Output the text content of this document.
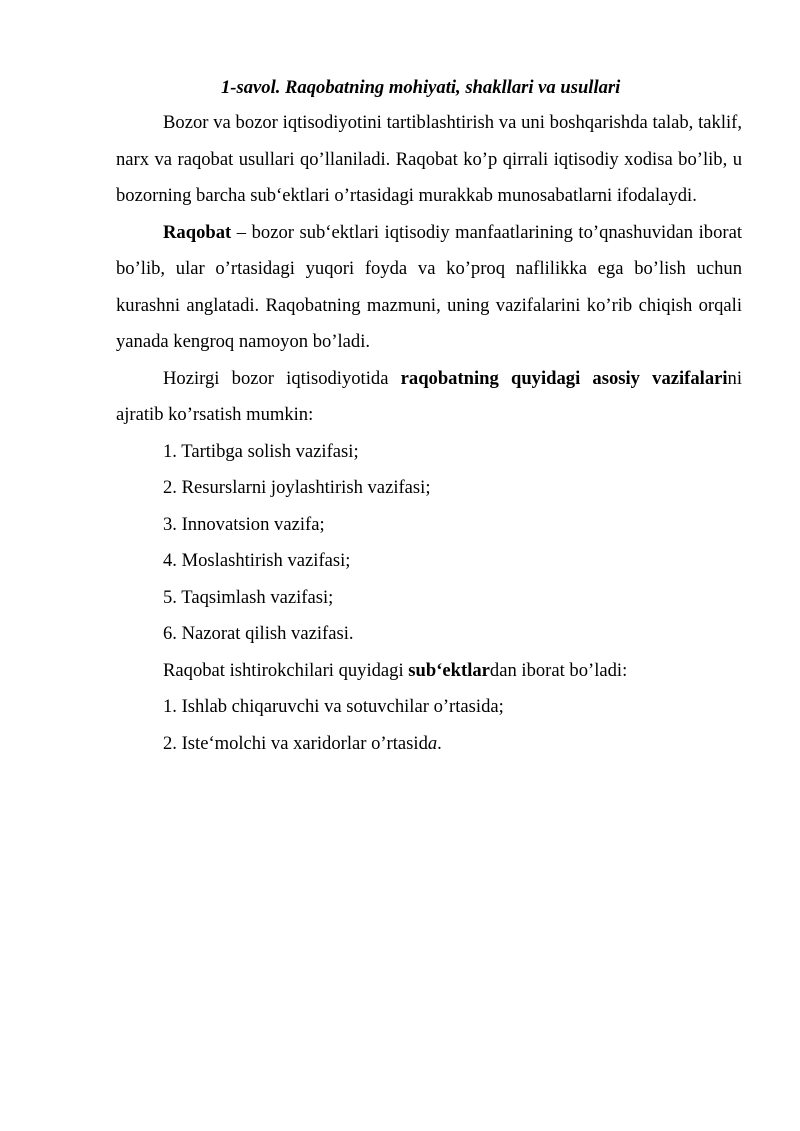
1-savol. Raqobatning mohiyati, shakllari va usullari

Bozor va bozor iqtisodiyotini tartiblashtirish va uni boshqarishda talab, taklif, narx va raqobat usullari qo’llaniladi. Raqobat ko’p qirrali iqtisodiy xodisa bo’lib, u bozorning barcha sub‘ektlari o’rtasidagi murakkab munosabatlarni ifodalaydi.

Raqobat – bozor sub‘ektlari iqtisodiy manfaatlarining to’qnashuvidan iborat bo’lib, ular o’rtasidagi yuqori foyda va ko’proq naflilikka ega bo’lish uchun kurashni anglatadi. Raqobatning mazmuni, uning vazifalarini ko’rib chiqish orqali yanada kengroq namoyon bo’ladi.

Hozirgi bozor iqtisodiyotida raqobatning quyidagi asosiy vazifalarini ajratib ko’rsatish mumkin:

1. Tartibga solish vazifasi;
2. Resurslarni joylashtirish vazifasi;
3. Innovatsion vazifa;
4. Moslashtirish vazifasi;
5. Taqsimlash vazifasi;
6. Nazorat qilish vazifasi.
Raqobat ishtirokchilari quyidagi sub‘ektlardan iborat bo’ladi:
1. Ishlab chiqaruvchi va sotuvchilar o’rtasida;
2. Iste‘molchi va xaridorlar o’rtasida.
